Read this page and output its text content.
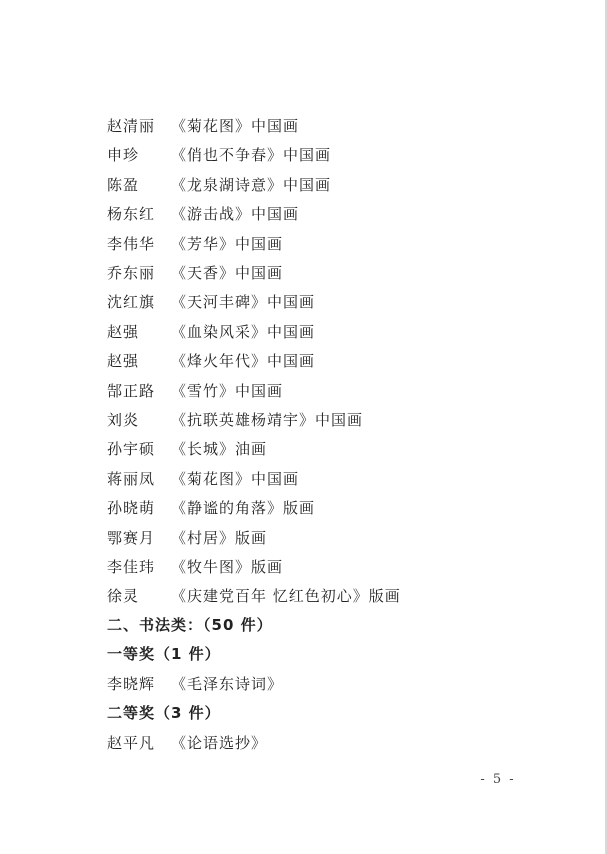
赵清丽 《菊花图》中国画
申珍 《俏也不争春》中国画
陈盈 《龙泉湖诗意》中国画
杨东红 《游击战》中国画
李伟华 《芳华》中国画
乔东丽 《天香》中国画
沈红旗 《天河丰碑》中国画
赵强 《血染风采》中国画
赵强 《烽火年代》中国画
郜正路 《雪竹》中国画
刘炎 《抗联英雄杨靖宇》中国画
孙宇硕 《长城》油画
蒋丽凤 《菊花图》中国画
孙晓萌 《静谧的角落》版画
鄂赛月 《村居》版画
李佳玮 《牧牛图》版画
徐灵 《庆建党百年 忆红色初心》版画
二、书法类：（50 件）
一等奖（1 件）
李晓辉 《毛泽东诗词》
二等奖（3 件）
赵平凡 《论语选抄》
- 5 -
